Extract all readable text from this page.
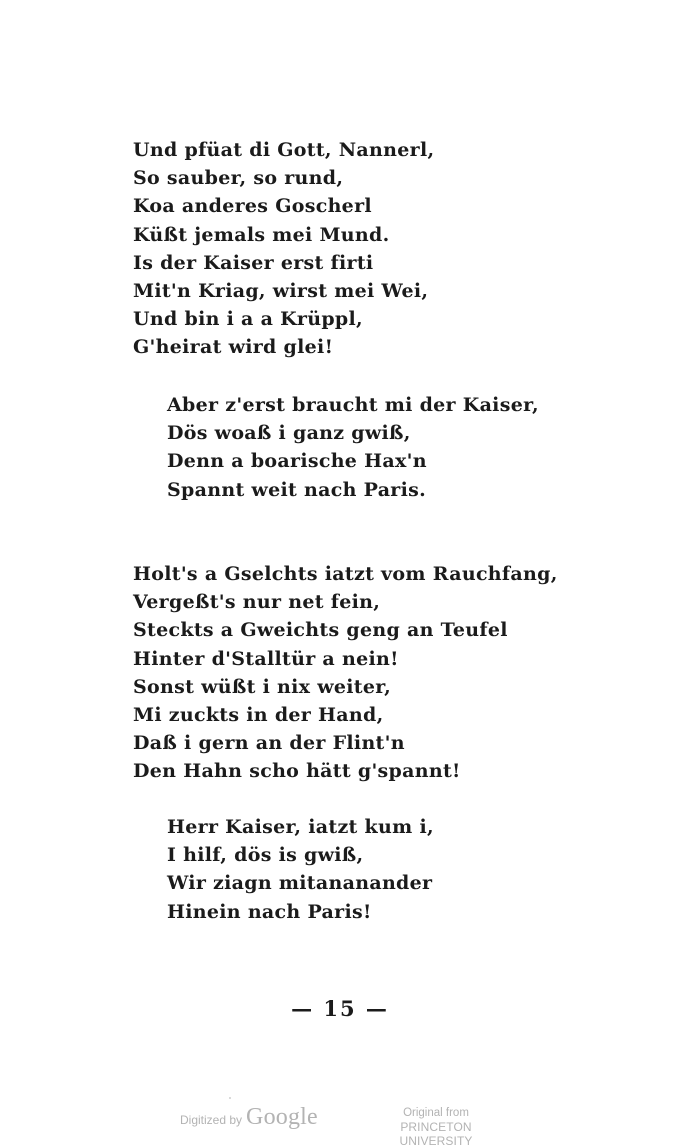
Und pfüat di Gott, Nannerl,
So sauber, so rund,
Koa anderes Goscherl
Küßt jemals mei Mund.
Is der Kaiser erst firti
Mit'n Kriag, wirst mei Wei,
Und bin i a a Krüppl,
G'heirat wird glei!
Aber z'erst braucht mi der Kaiser,
Dös woaß i ganz gwiß,
Denn a boarische Hax'n
Spannt weit nach Paris.
Holt's a Gselchts iatzt vom Rauchfang,
Vergeßt's nur net fein,
Steckts a Gweichts geng an Teufel
Hinter d'Stalltür a nein!
Sonst wüßt i nix weiter,
Mi zuckts in der Hand,
Daß i gern an der Flint'n
Den Hahn scho hätt g'spannt!
Herr Kaiser, iatzt kum i,
I hilf, dös is gwiß,
Wir ziagn mitananander
Hinein nach Paris!
— 15 —
Digitized by Google	Original from
PRINCETON UNIVERSITY
